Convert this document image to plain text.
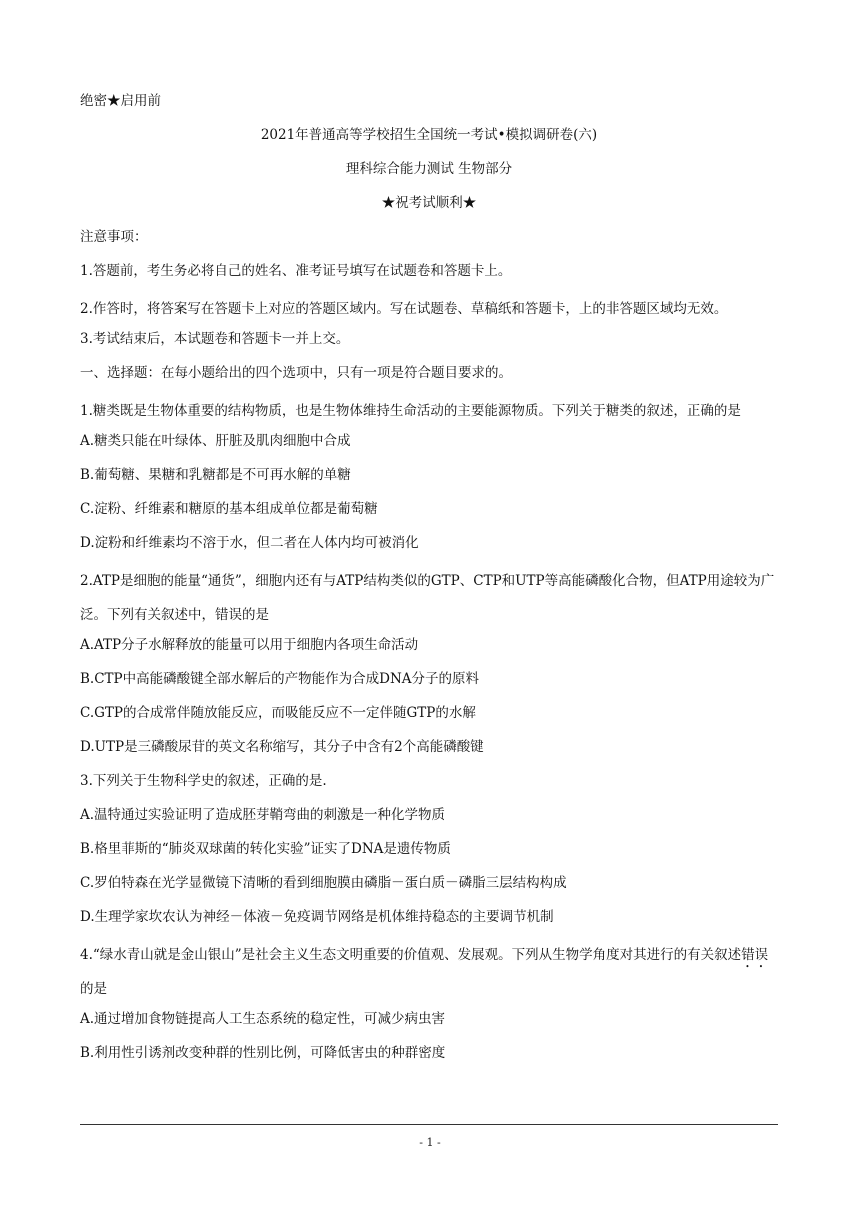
绝密★启用前
2021年普通高等学校招生全国统一考试•模拟调研卷(六)
理科综合能力测试 生物部分
★祝考试顺利★
注意事项：
1.答题前，考生务必将自己的姓名、准考证号填写在试题卷和答题卡上。
2.作答时，将答案写在答题卡上对应的答题区域内。写在试题卷、草稿纸和答题卡，上的非答题区域均无效。
3.考试结束后，本试题卷和答题卡一并上交。
一、选择题：在每小题给出的四个选项中，只有一项是符合题目要求的。
1.糖类既是生物体重要的结构物质，也是生物体维持生命活动的主要能源物质。下列关于糖类的叙述，正确的是
A.糖类只能在叶绿体、肝脏及肌肉细胞中合成
B.葡萄糖、果糖和乳糖都是不可再水解的单糖
C.淀粉、纤维素和糖原的基本组成单位都是葡萄糖
D.淀粉和纤维素均不溶于水，但二者在人体内均可被消化
2.ATP是细胞的能量“通货”，细胞内还有与ATP结构类似的GTP、CTP和UTP等高能磷酸化合物，但ATP用途较为广泛。下列有关叙述中，错误的是
A.ATP分子水解释放的能量可以用于细胞内各项生命活动
B.CTP中高能磷酸键全部水解后的产物能作为合成DNA分子的原料
C.GTP的合成常伴随放能反应，而吸能反应不一定伴随GTP的水解
D.UTP是三磷酸尿苷的英文名称缩写，其分子中含有2个高能磷酸键
3.下列关于生物科学史的叙述，正确的是.
A.温特通过实验证明了造成胚芽鞘弯曲的刺激是一种化学物质
B.格里菲斯的“肺炎双球菌的转化实验”证实了DNA是遗传物质
C.罗伯特森在光学显微镜下清晰的看到细胞膜由磷脂－蛋白质－磷脂三层结构构成
D.生理学家坎农认为神经－体液－免疫调节网络是机体维持稳态的主要调节机制
4.“绿水青山就是金山银山”是社会主义生态文明重要的价值观、发展观。下列从生物学角度对其进行的有关叙述错误的是
A.通过增加食物链提高人工生态系统的稳定性，可减少病虫害
B.利用性引诱剂改变种群的性别比例，可降低害虫的种群密度
- 1 -
